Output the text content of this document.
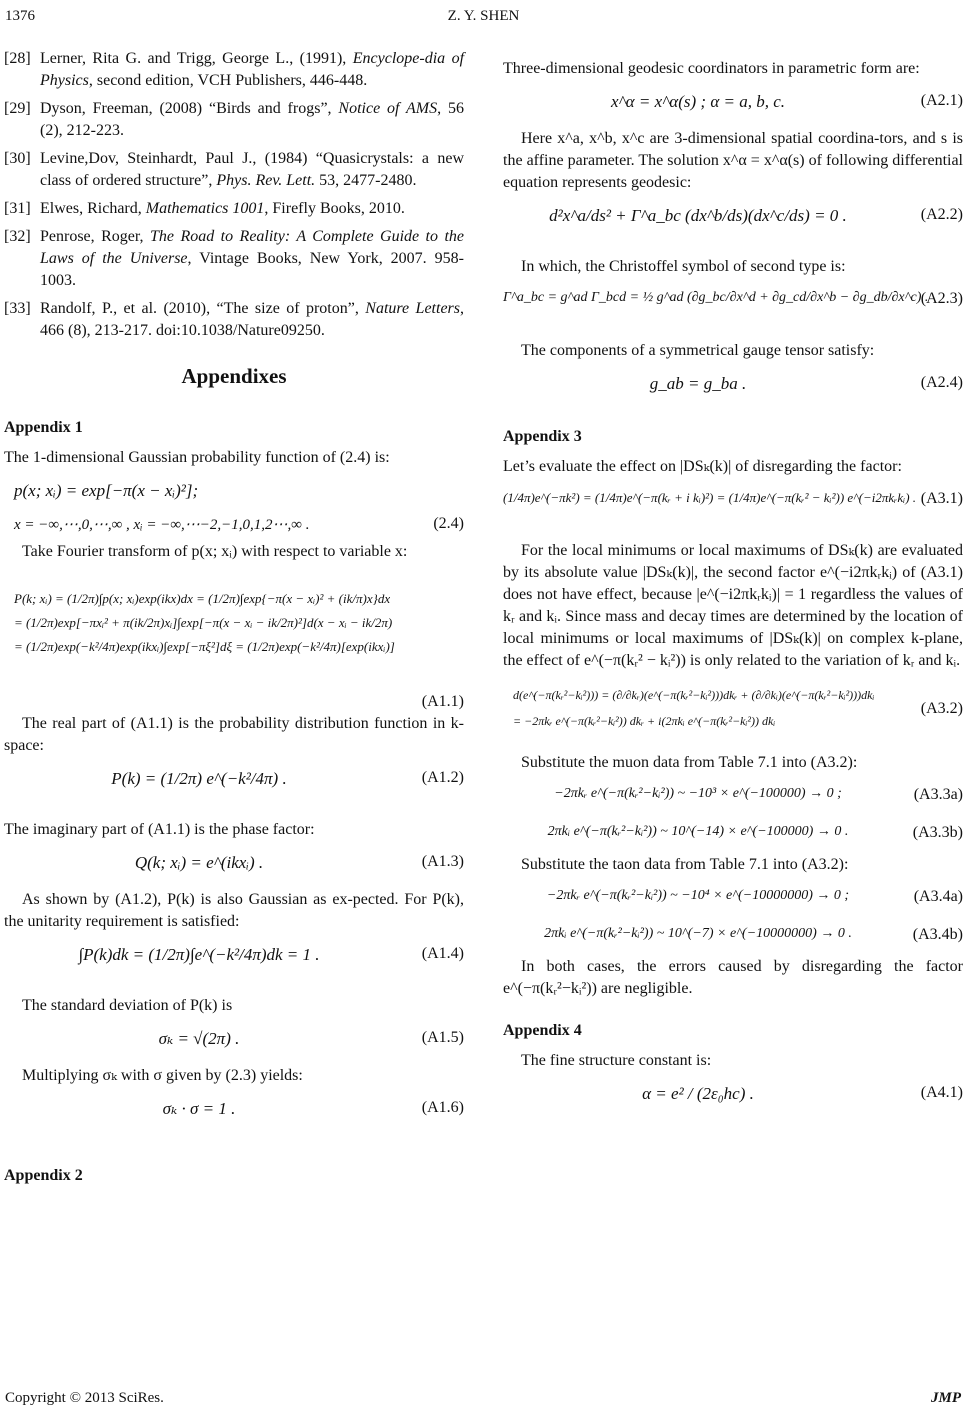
1376	Z. Y. SHEN
[28] Lerner, Rita G. and Trigg, George L., (1991), Encyclope-dia of Physics, second edition, VCH Publishers, 446-448.
[29] Dyson, Freeman, (2008) “Birds and frogs”, Notice of AMS, 56 (2), 212-223.
[30] Levine,Dov, Steinhardt, Paul J., (1984) “Quasicrystals: a new class of ordered structure”, Phys. Rev. Lett. 53, 2477-2480.
[31] Elwes, Richard, Mathematics 1001, Firefly Books, 2010.
[32] Penrose, Roger, The Road to Reality: A Complete Guide to the Laws of the Universe, Vintage Books, New York, 2007. 958-1003.
[33] Randolf, P., et al. (2010), “The size of proton”, Nature Letters, 466 (8), 213-217. doi:10.1038/Nature09250.
Appendixes
Appendix 1

The 1-dimensional Gaussian probability function of (2.4) is:

p(x; xᵢ) = exp[−π(x − xᵢ)²];
x = −∞,⋯,0,⋯,∞ , xᵢ = −∞,⋯−2,−1,0,1,2⋯,∞ .	(2.4)

Take Fourier transform of p(x; xᵢ) with respect to variable x:

P(k; xᵢ) = (1/2π)∫p(x; xᵢ)exp(ikx)dx = (1/2π)∫exp{−π(x − xᵢ)² + (ik/π)x}dx
= (1/2π)exp[−πxᵢ² + π(ik/2π)xᵢ]∫exp[−π(x − xᵢ − ik/2π)²]d(x − xᵢ − ik/2π)
= (1/2π)exp(−k²/4π)exp(ikxᵢ)∫exp[−πξ²]dξ = (1/2π)exp(−k²/4π)[exp(ikxᵢ)]
(A1.1)

The real part of (A1.1) is the probability distribution function in k-space:

P(k) = (1/2π) e^(−k²/4π) .	(A1.2)

The imaginary part of (A1.1) is the phase factor:

Q(k; xᵢ) = e^(ikxᵢ) .	(A1.3)

As shown by (A1.2), P(k) is also Gaussian as ex-pected. For P(k), the unitarity requirement is satisfied:

∫P(k)dk = (1/2π)∫e^(−k²/4π)dk = 1 .	(A1.4)

The standard deviation of P(k) is

σₖ = √(2π) .	(A1.5)

Multiplying σₖ with σ given by (2.3) yields:

σₖ · σ = 1 .	(A1.6)
Appendix 2

Three-dimensional geodesic coordinators in parametric form are:

x^α = x^α(s) ; α = a, b, c.	(A2.1)

Here x^a, x^b, x^c are 3-dimensional spatial coordina-tors, and s is the affine parameter. The solution x^α = x^α(s) of following differential equation represents geodesic:

d²x^a/ds² + Γ^a_bc (dx^b/ds)(dx^c/ds) = 0 .	(A2.2)

In which, the Christoffel symbol of second type is:

Γ^a_bc = g^ad Γ_bcd = ½ g^ad (∂g_bc/∂x^d + ∂g_cd/∂x^b − ∂g_db/∂x^c) .
(A2.3)

The components of a symmetrical gauge tensor satisfy:

g_ab = g_ba .	(A2.4)
Appendix 3

Let’s evaluate the effect on |DSₖ(k)| of disregarding the factor:

(1/4π)e^(−πk²) = (1/4π)e^(−π(kᵣ + i kᵢ)²) = (1/4π)e^(−π(kᵣ² − kᵢ²)) e^(−i2πkᵣkᵢ) . (A3.1)

For the local minimums or local maximums of DSₖ(k) are evaluated by its absolute value |DSₖ(k)|, the second factor e^(−i2πkᵣkᵢ) of (A3.1) does not have effect, because |e^(−i2πkᵣkᵢ)| = 1 regardless the values of kᵣ and kᵢ. Since mass and decay times are determined by the location of local minimums or local maximums of |DSₖ(k)| on complex k-plane, the effect of e^(−π(kᵣ² − kᵢ²)) is only related to the variation of kᵣ and kᵢ.

d(e^(−π(kᵣ²−kᵢ²))) = (∂/∂kᵣ)(e^(−π(kᵣ²−kᵢ²)))dkᵣ + (∂/∂kᵢ)(e^(−π(kᵣ²−kᵢ²)))dkᵢ
= −2πkᵣ e^(−π(kᵣ²−kᵢ²)) dkᵣ + i(2πkᵢ e^(−π(kᵣ²−kᵢ²)) dkᵢ
(A3.2)

Substitute the muon data from Table 7.1 into (A3.2):

−2πkᵣ e^(−π(kᵣ²−kᵢ²)) ~ −10³ × e^(−100000) → 0 ;	(A3.3a)
2πkᵢ e^(−π(kᵣ²−kᵢ²)) ~ 10^(−14) × e^(−100000) → 0 .	(A3.3b)

Substitute the taon data from Table 7.1 into (A3.2):

−2πkᵣ e^(−π(kᵣ²−kᵢ²)) ~ −10⁴ × e^(−10000000) → 0 ;	(A3.4a)
2πkᵢ e^(−π(kᵣ²−kᵢ²)) ~ 10^(−7) × e^(−10000000) → 0 .	(A3.4b)

In both cases, the errors caused by disregarding the factor e^(−π(kᵣ²−kᵢ²)) are negligible.

Appendix 4

The fine structure constant is:

α = e² / (2ε₀hc) .	(A4.1)
Copyright © 2013 SciRes.	JMP
